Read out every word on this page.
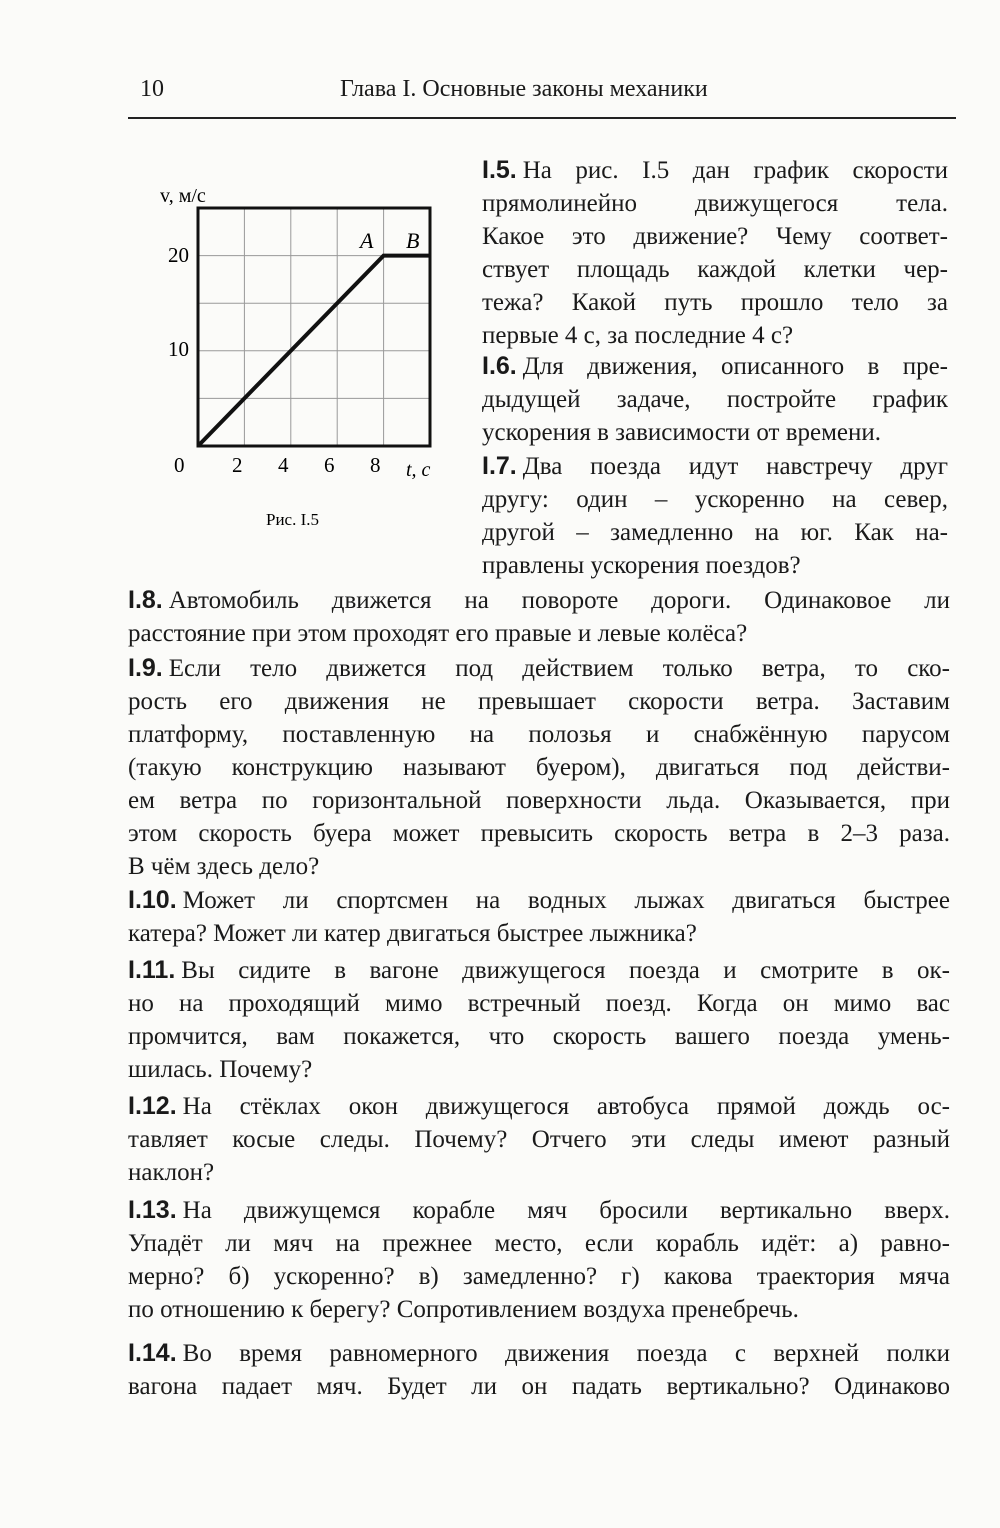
10	Глава I. Основные законы механики
v, м/с
20
10
0 2 4 6 8 t, с
A B
Рис. I.5
I.5. На рис. I.5 дан график скорости
прямолинейно движущегося тела.
Какое это движение? Чему соответ-
ствует площадь каждой клетки чер-
тежа? Какой путь прошло тело за
первые 4 с, за последние 4 с?
I.6. Для движения, описанного в пре-
дыдущей задаче, постройте график
ускорения в зависимости от времени.
I.7. Два поезда идут навстречу друг
другу: один – ускоренно на север,
другой – замедленно на юг. Как на-
правлены ускорения поездов?
I.8. Автомобиль движется на повороте дороги. Одинаковое ли
расстояние при этом проходят его правые и левые колёса?
I.9. Если тело движется под действием только ветра, то ско-
рость его движения не превышает скорости ветра. Заставим
платформу, поставленную на полозья и снабжённую парусом
(такую конструкцию называют буером), двигаться под действи-
ем ветра по горизонтальной поверхности льда. Оказывается, при
этом скорость буера может превысить скорость ветра в 2–3 раза.
В чём здесь дело?
I.10. Может ли спортсмен на водных лыжах двигаться быстрее
катера? Может ли катер двигаться быстрее лыжника?
I.11. Вы сидите в вагоне движущегося поезда и смотрите в ок-
но на проходящий мимо встречный поезд. Когда он мимо вас
промчится, вам покажется, что скорость вашего поезда умень-
шилась. Почему?
I.12. На стёклах окон движущегося автобуса прямой дождь ос-
тавляет косые следы. Почему? Отчего эти следы имеют разный
наклон?
I.13. На движущемся корабле мяч бросили вертикально вверх.
Упадёт ли мяч на прежнее место, если корабль идёт: а) равно-
мерно? б) ускоренно? в) замедленно? г) какова траектория мяча
по отношению к берегу? Сопротивлением воздуха пренебречь.
I.14. Во время равномерного движения поезда с верхней полки
вагона падает мяч. Будет ли он падать вертикально? Одинаково
